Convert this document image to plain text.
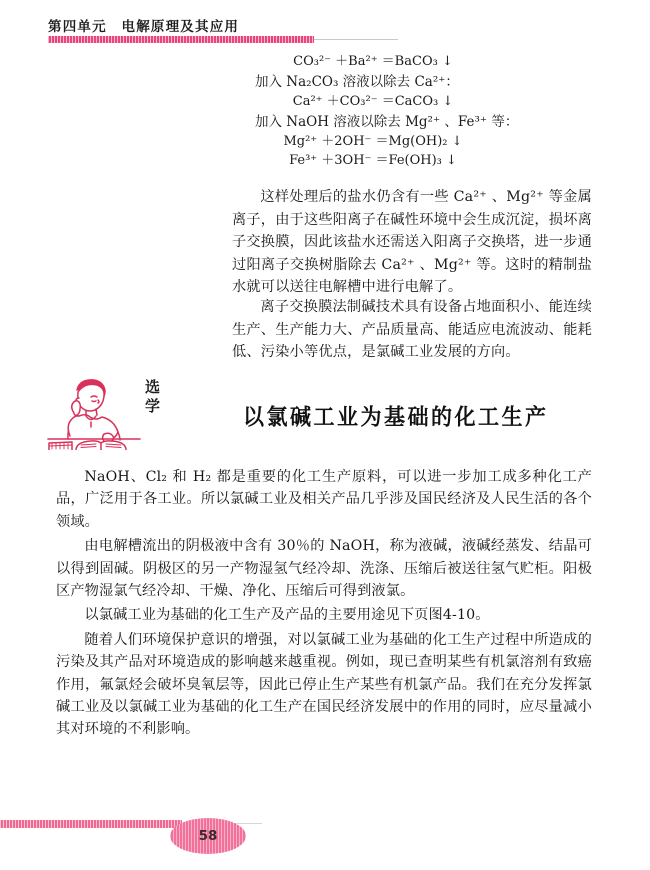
第四单元　电解原理及其应用
CO₃²⁻ ＋Ba²⁺ ＝BaCO₃ ↓
加入 Na₂CO₃ 溶液以除去 Ca²⁺：
Ca²⁺ ＋CO₃²⁻ ＝CaCO₃ ↓
加入 NaOH 溶液以除去 Mg²⁺ 、Fe³⁺ 等：
Mg²⁺ ＋2OH⁻ ＝Mg(OH)₂ ↓
Fe³⁺ ＋3OH⁻ ＝Fe(OH)₃ ↓
这样处理后的盐水仍含有一些 Ca²⁺ 、Mg²⁺ 等金属离子，由于这些阳离子在碱性环境中会生成沉淀，损坏离子交换膜，因此该盐水还需送入阳离子交换塔，进一步通过阳离子交换树脂除去 Ca²⁺ 、Mg²⁺ 等。这时的精制盐水就可以送往电解槽中进行电解了。
离子交换膜法制碱技术具有设备占地面积小、能连续生产、生产能力大、产品质量高、能适应电流波动、能耗低、污染小等优点，是氯碱工业发展的方向。
选学	以氯碱工业为基础的化工生产

NaOH、Cl₂ 和 H₂ 都是重要的化工生产原料，可以进一步加工成多种化工产品，广泛用于各工业。所以氯碱工业及相关产品几乎涉及国民经济及人民生活的各个领域。

由电解槽流出的阴极液中含有 30％的 NaOH，称为液碱，液碱经蒸发、结晶可以得到固碱。阴极区的另一产物湿氢气经冷却、洗涤、压缩后被送往氢气贮柜。阳极区产物湿氯气经冷却、干燥、净化、压缩后可得到液氯。

以氯碱工业为基础的化工生产及产品的主要用途见下页图4-10。

随着人们环境保护意识的增强，对以氯碱工业为基础的化工生产过程中所造成的污染及其产品对环境造成的影响越来越重视。例如，现已查明某些有机氯溶剂有致癌作用，氟氯烃会破坏臭氧层等，因此已停止生产某些有机氯产品。我们在充分发挥氯碱工业及以氯碱工业为基础的化工生产在国民经济发展中的作用的同时，应尽量减小其对环境的不利影响。

58
